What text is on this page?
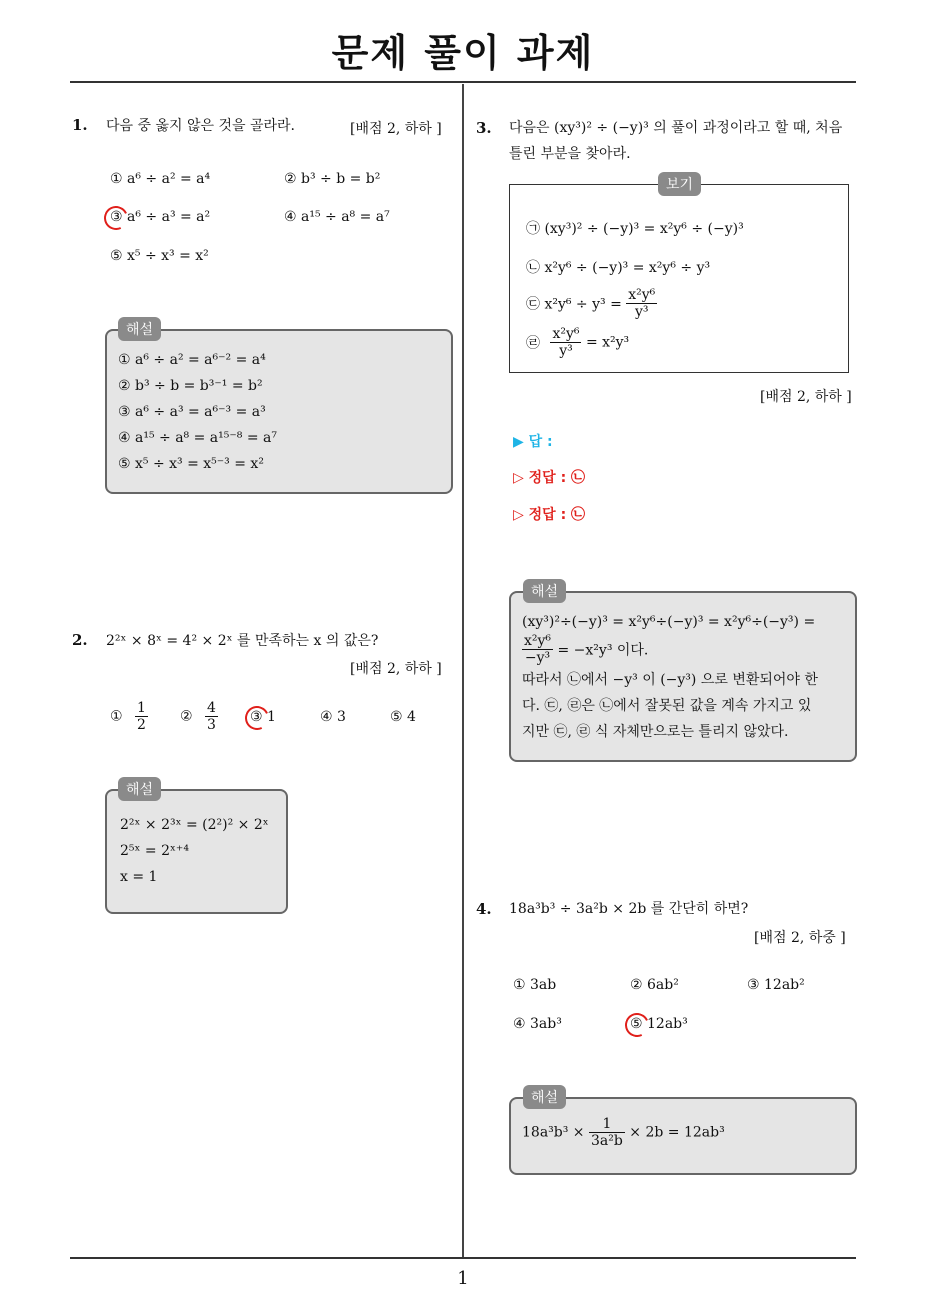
문제 풀이 과제
1
1. 다음 중 옳지 않은 것을 골라라.	[배점 2, 하하 ]
① a⁶ ÷ a² = a⁴	② b³ ÷ b = b²
③ a⁶ ÷ a³ = a²	④ a¹⁵ ÷ a⁸ = a⁷
⑤ x⁵ ÷ x³ = x²
해설
① a⁶ ÷ a² = a⁶⁻² = a⁴
② b³ ÷ b = b³⁻¹ = b²
③ a⁶ ÷ a³ = a⁶⁻³ = a³
④ a¹⁵ ÷ a⁸ = a¹⁵⁻⁸ = a⁷
⑤ x⁵ ÷ x³ = x⁵⁻³ = x²
2. 2²ˣ × 8ˣ = 4² × 2ˣ 를 만족하는 x 의 값은?
[배점 2, 하하 ]
① $\frac{1}{2}$ ② $\frac{4}{3}$ ③ 1	④ 3	⑤ 4
해설
2²ˣ × 2³ˣ = (2²)² × 2ˣ
2⁵ˣ = 2ˣ⁺⁴
x = 1
3. 다음은 (xy³)² ÷ (−y)³ 의 풀이 과정이라고 할 때, 처음
틀린 부분을 찾아라.
보기
㉠ (xy³)² ÷ (−y)³ = x²y⁶ ÷ (−y)³
㉡ x²y⁶ ÷ (−y)³ = x²y⁶ ÷ y³
㉢ $x^2y^6 \div y^3 = \frac{\text{x²y⁶}}{\text{y³}}$
㉣ $\frac{\text{x²y⁶}}{\text{y³}} = x^2y^3$
[배점 2, 하하 ]
▶ 답 :
▷ 정답 : ㉡
▷ 정답 : ㉡
해설
(xy³)²÷(−y)³ = x²y⁶÷(−y)³ = x²y⁶÷(−y³) =
$\frac{\text{x²y⁶}}{\text{−y³}} = -x^2y^3$ 이다.
따라서 ㉡에서 −y³ 이 (−y³) 으로 변환되어야 한
다. ㉢, ㉣은 ㉡에서 잘못된 값을 계속 가지고 있
지만 ㉢, ㉣ 식 자체만으로는 틀리지 않았다.
4. 18a³b³ ÷ 3a²b × 2b 를 간단히 하면?
[배점 2, 하중 ]
① 3ab	② 6ab²	③ 12ab²
④ 3ab³	⑤ 12ab³
해설
$18a^3b^3 \times \frac{1}{\text{3a²b}} \times 2b = 12ab^3$
